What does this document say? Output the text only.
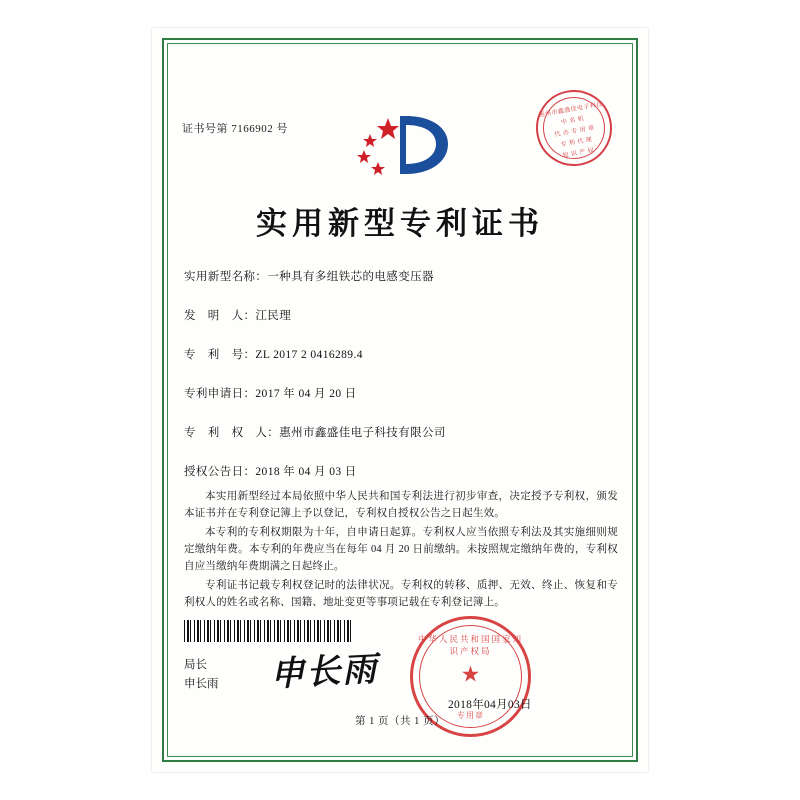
证书号第 7166902 号
惠州市鑫盛佳电子科技
中 名 机
代 办 专 用 章
专 利 代 理
知 识 产 权
实用新型专利证书
实用新型名称：一种具有多组铁芯的电感变压器
发　明　人：江民理
专　利　号：ZL 2017 2 0416289.4
专利申请日：2017 年 04 月 20 日
专　利　权　人：惠州市鑫盛佳电子科技有限公司
授权公告日：2018 年 04 月 03 日

本实用新型经过本局依照中华人民共和国专利法进行初步审查，决定授予专利权，颁发本证书并在专利登记簿上予以登记，专利权自授权公告之日起生效。

本专利的专利权期限为十年，自申请日起算。专利权人应当依照专利法及其实施细则规定缴纳年费。本专利的年费应当在每年 04 月 20 日前缴纳。未按照规定缴纳年费的，专利权自应当缴纳年费期满之日起终止。

专利证书记载专利权登记时的法律状况。专利权的转移、质押、无效、终止、恢复和专利权人的姓名或名称、国籍、地址变更等事项记载在专利登记簿上。

局长
申长雨 申长雨
中华人民共和国国家知识产权局
★
专用章
2018年04月03日
第 1 页（共 1 页）
